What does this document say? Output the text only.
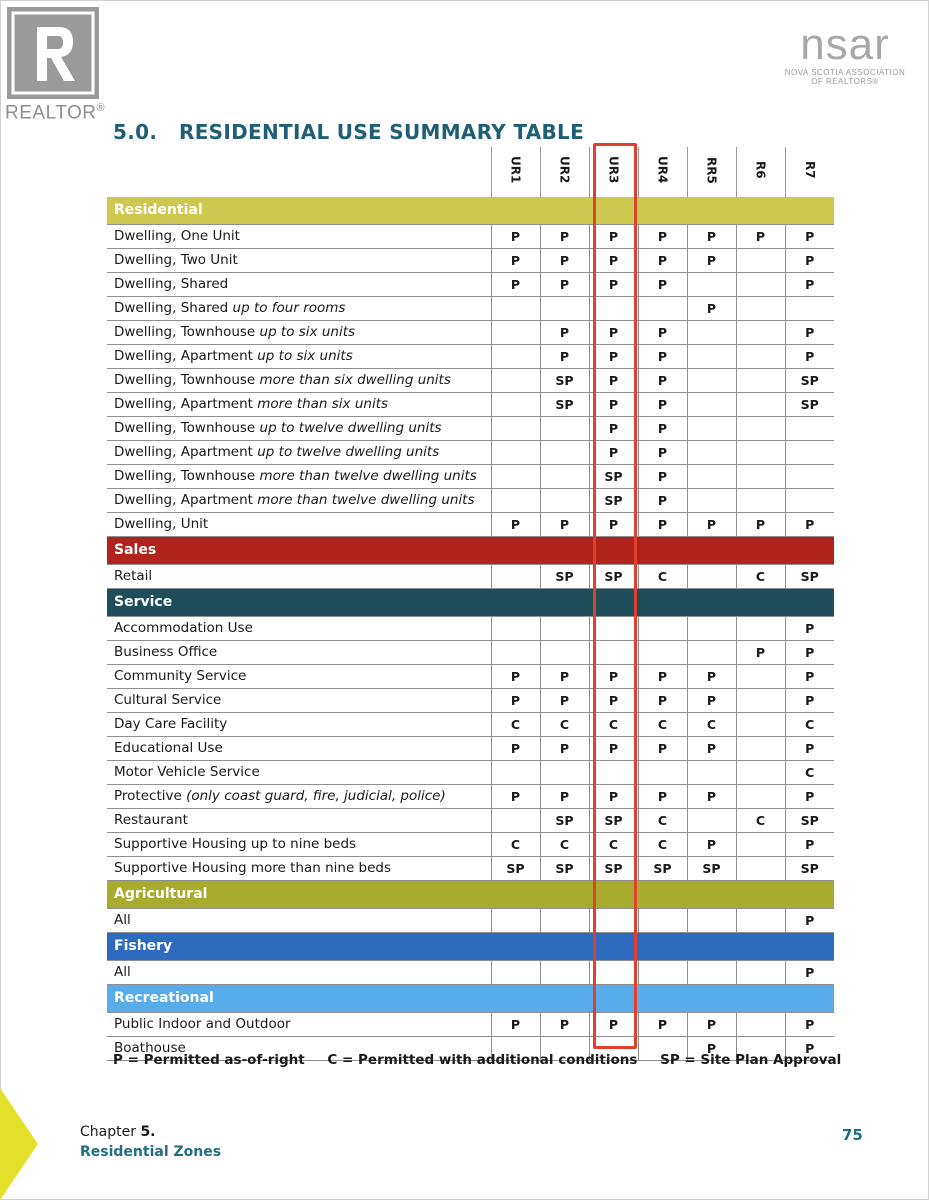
REALTOR®
nsar
NOVA SCOTIA ASSOCIATION
OF REALTORS®
5.0.   RESIDENTIAL USE SUMMARY TABLE
	UR1	UR2	UR3	UR4	RR5	R6	R7
Residential							
Dwelling, One Unit	P	P	P	P	P	P	P
Dwelling, Two Unit	P	P	P	P	P		P
Dwelling, Shared	P	P	P	P			P
Dwelling, Shared up to four rooms					P		
Dwelling, Townhouse up to six units		P	P	P			P
Dwelling, Apartment up to six units		P	P	P			P
Dwelling, Townhouse more than six dwelling units		SP	P	P			SP
Dwelling, Apartment more than six units		SP	P	P			SP
Dwelling, Townhouse up to twelve dwelling units			P	P			
Dwelling, Apartment up to twelve dwelling units			P	P			
Dwelling, Townhouse more than twelve dwelling units			SP	P			
Dwelling, Apartment more than twelve dwelling units			SP	P			
Dwelling, Unit	P	P	P	P	P	P	P
Sales							
Retail		SP	SP	C		C	SP
Service							
Accommodation Use							P
Business Office						P	P
Community Service	P	P	P	P	P		P
Cultural Service	P	P	P	P	P		P
Day Care Facility	C	C	C	C	C		C
Educational Use	P	P	P	P	P		P
Motor Vehicle Service							C
Protective (only coast guard, fire, judicial, police)	P	P	P	P	P		P
Restaurant		SP	SP	C		C	SP
Supportive Housing up to nine beds	C	C	C	C	P		P
Supportive Housing more than nine beds	SP	SP	SP	SP	SP		SP
Agricultural							
All							P
Fishery							
All							P
Recreational							
Public Indoor and Outdoor	P	P	P	P	P		P
Boathouse					P		P
P = Permitted as-of-right C = Permitted with additional conditions SP = Site Plan Approval
Chapter 5.
Residential Zones
75
